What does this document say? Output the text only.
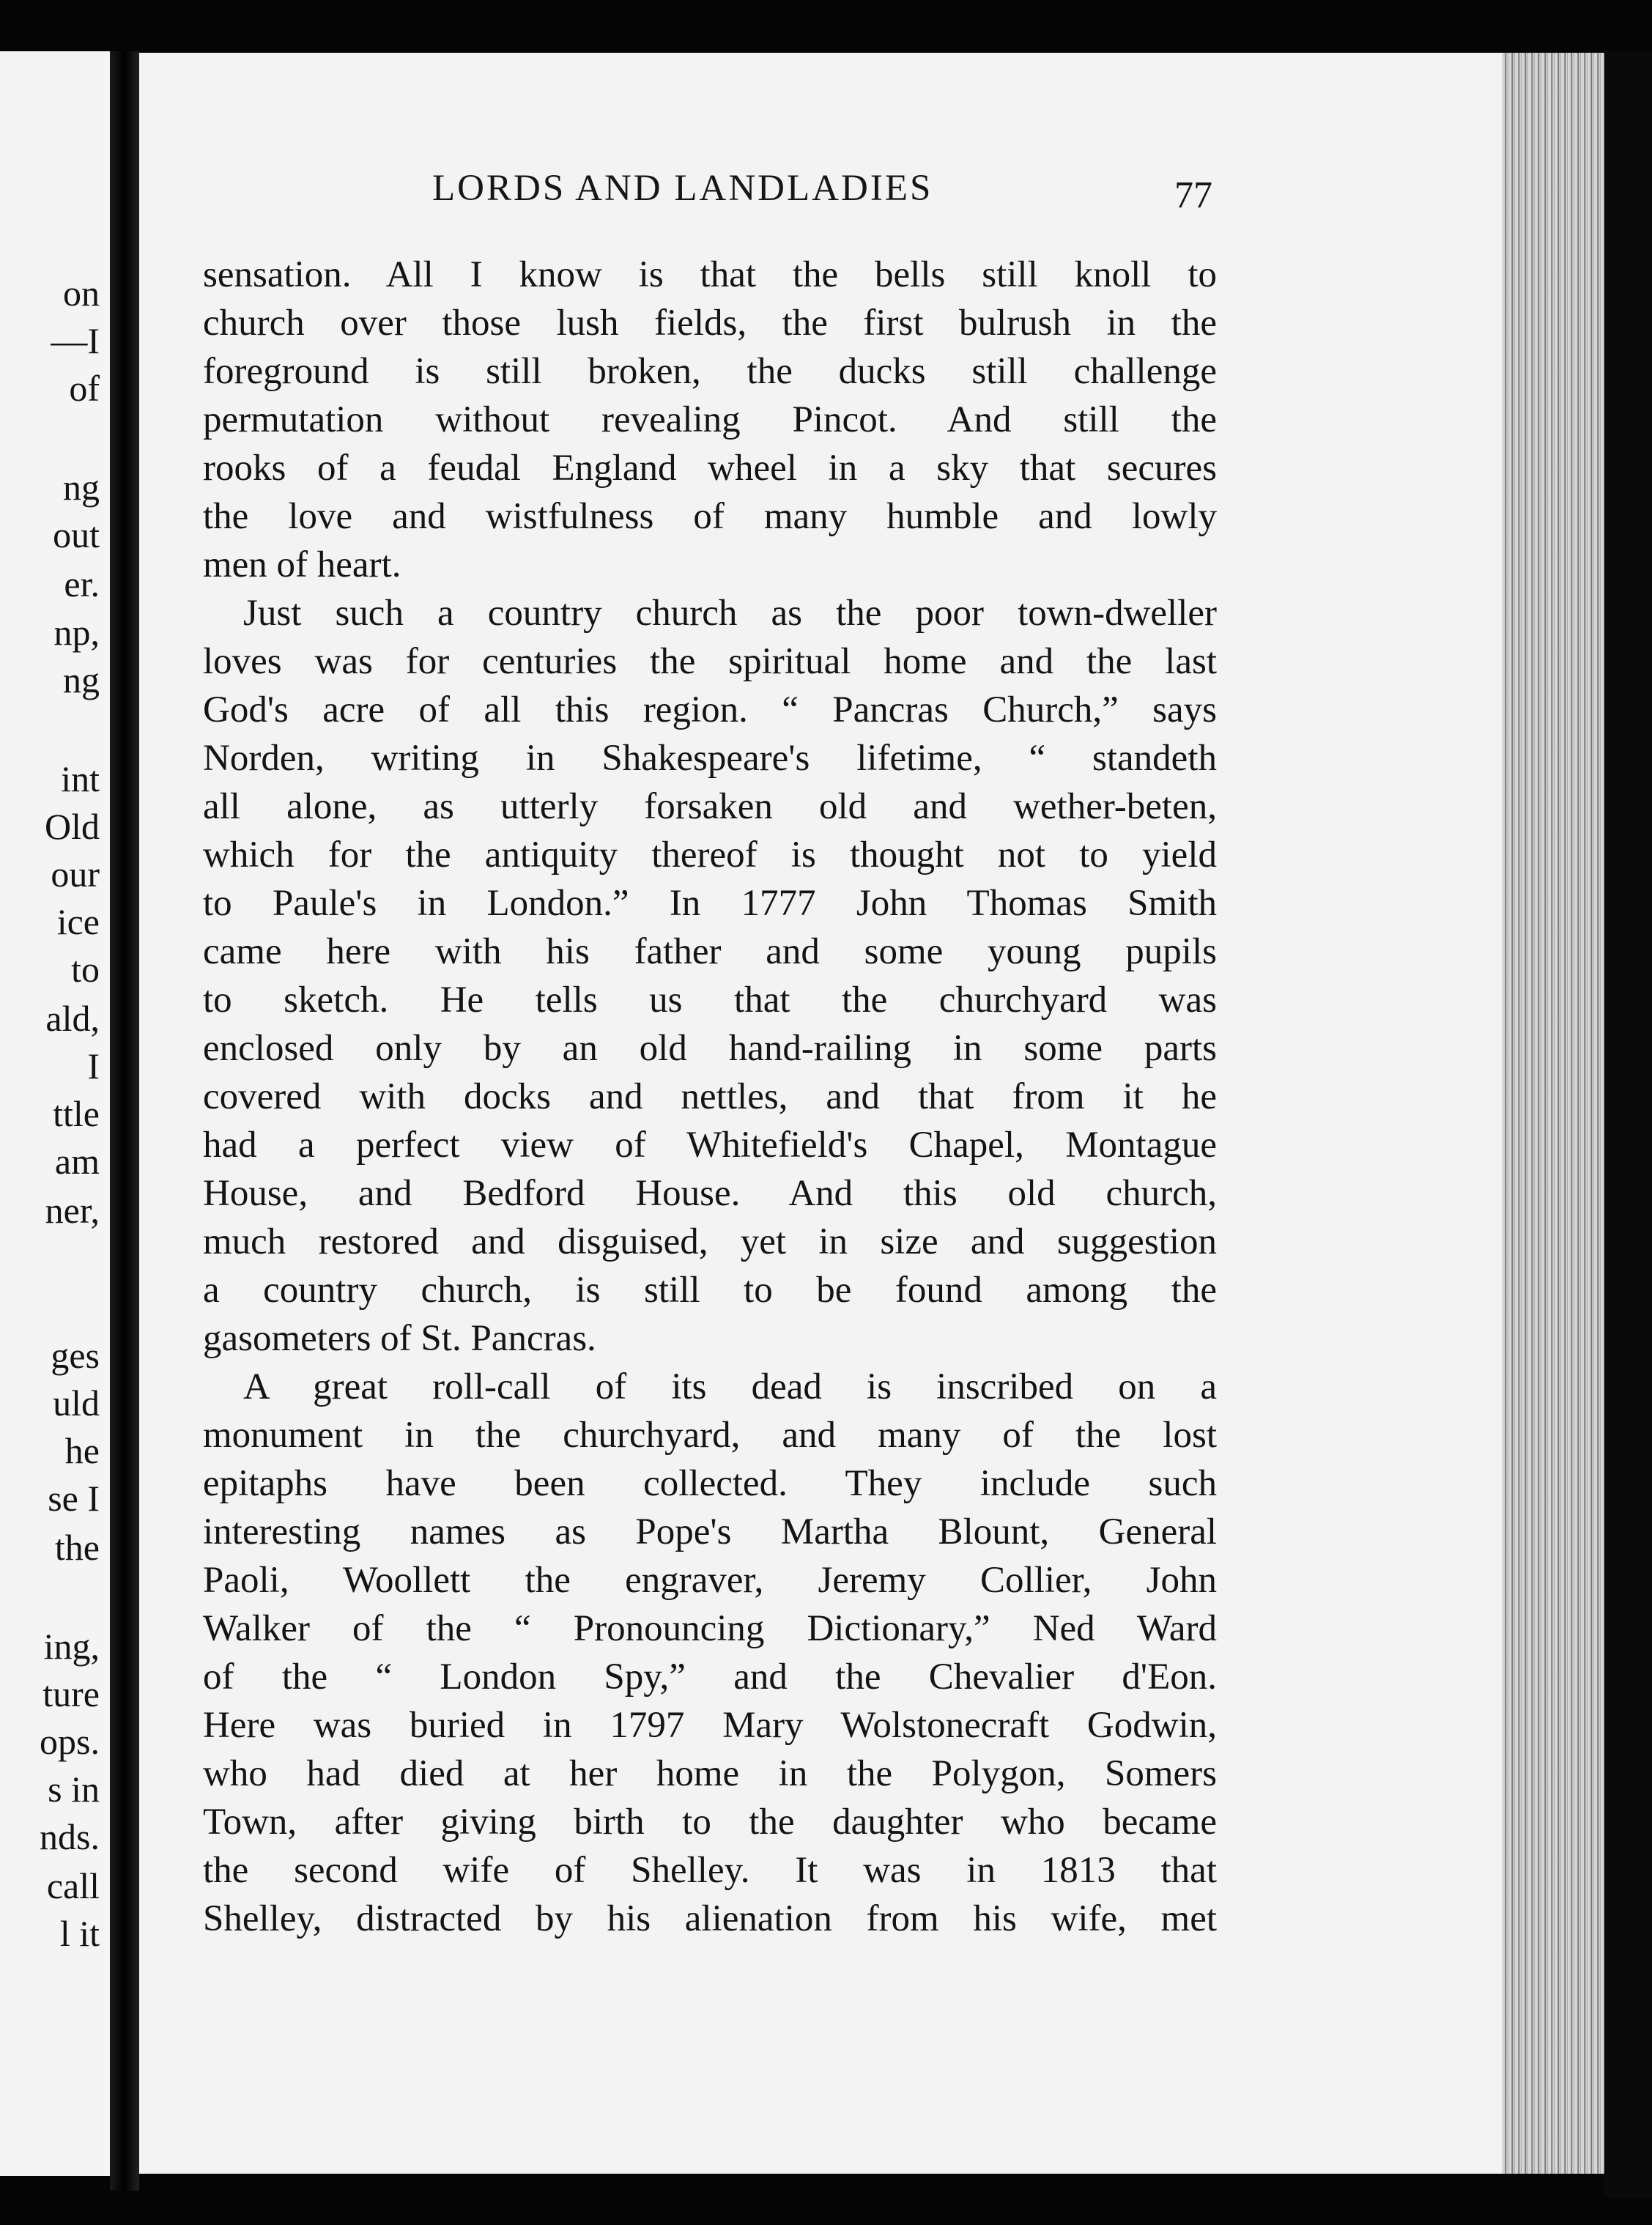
on
—I
of
ng
out
er.
np,
ng
int
Old
our
ice
to
ald,
I
ttle
am
ner,
ges
uld
he
se I
the
ing,
ture
ops.
s in
nds.
call
l it
LORDS AND LANDLADIES	77
sensation. All I know is that the bells still knoll to
church over those lush fields, the first bulrush in the
foreground is still broken, the ducks still challenge
permutation without revealing Pincot. And still the
rooks of a feudal England wheel in a sky that secures
the love and wistfulness of many humble and lowly
men of heart.
Just such a country church as the poor town-dweller
loves was for centuries the spiritual home and the last
God's acre of all this region. “ Pancras Church,” says
Norden, writing in Shakespeare's lifetime, “ standeth
all alone, as utterly forsaken old and wether-beten,
which for the antiquity thereof is thought not to yield
to Paule's in London.” In 1777 John Thomas Smith
came here with his father and some young pupils
to sketch. He tells us that the churchyard was
enclosed only by an old hand-railing in some parts
covered with docks and nettles, and that from it he
had a perfect view of Whitefield's Chapel, Montague
House, and Bedford House. And this old church,
much restored and disguised, yet in size and suggestion
a country church, is still to be found among the
gasometers of St. Pancras.
A great roll-call of its dead is inscribed on a
monument in the churchyard, and many of the lost
epitaphs have been collected. They include such
interesting names as Pope's Martha Blount, General
Paoli, Woollett the engraver, Jeremy Collier, John
Walker of the “ Pronouncing Dictionary,” Ned Ward
of the “ London Spy,” and the Chevalier d'Eon.
Here was buried in 1797 Mary Wolstonecraft Godwin,
who had died at her home in the Polygon, Somers
Town, after giving birth to the daughter who became
the second wife of Shelley. It was in 1813 that
Shelley, distracted by his alienation from his wife, met
